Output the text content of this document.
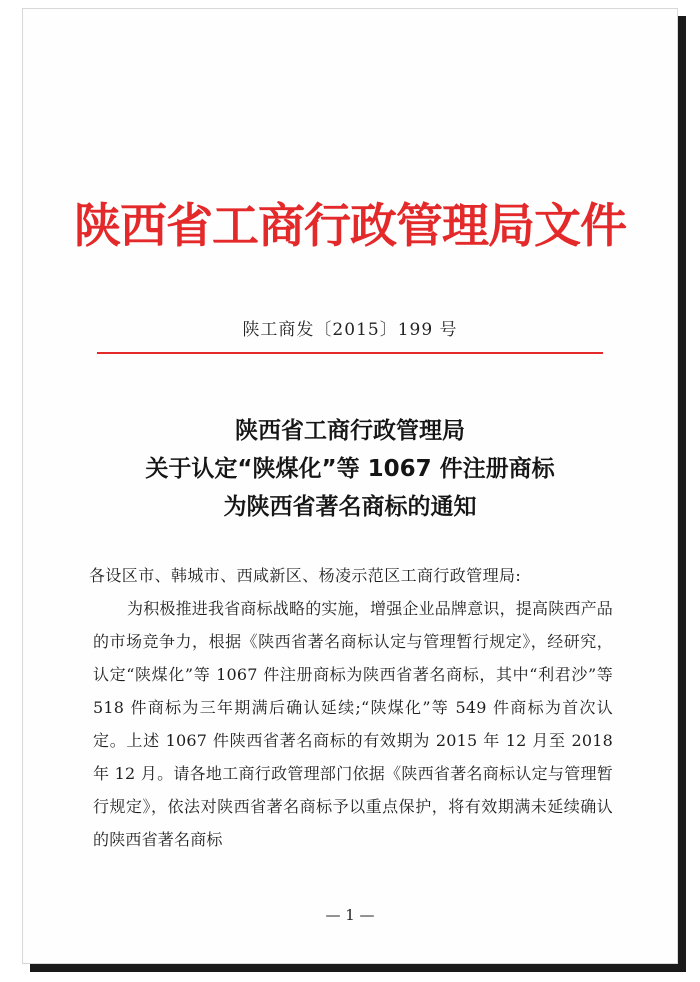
陕西省工商行政管理局文件
陕工商发〔2015〕199 号
陕西省工商行政管理局
关于认定“陕煤化”等 1067 件注册商标
为陕西省著名商标的通知

各设区市、韩城市、西咸新区、杨凌示范区工商行政管理局:

为积极推进我省商标战略的实施，增强企业品牌意识，提高陕西产品的市场竞争力，根据《陕西省著名商标认定与管理暂行规定》，经研究，认定“陕煤化”等 1067 件注册商标为陕西省著名商标，其中“利君沙”等 518 件商标为三年期满后确认延续;“陕煤化”等 549 件商标为首次认定。上述 1067 件陕西省著名商标的有效期为 2015 年 12 月至 2018 年 12 月。请各地工商行政管理部门依据《陕西省著名商标认定与管理暂行规定》，依法对陕西省著名商标予以重点保护，将有效期满未延续确认的陕西省著名商标

— 1 —
